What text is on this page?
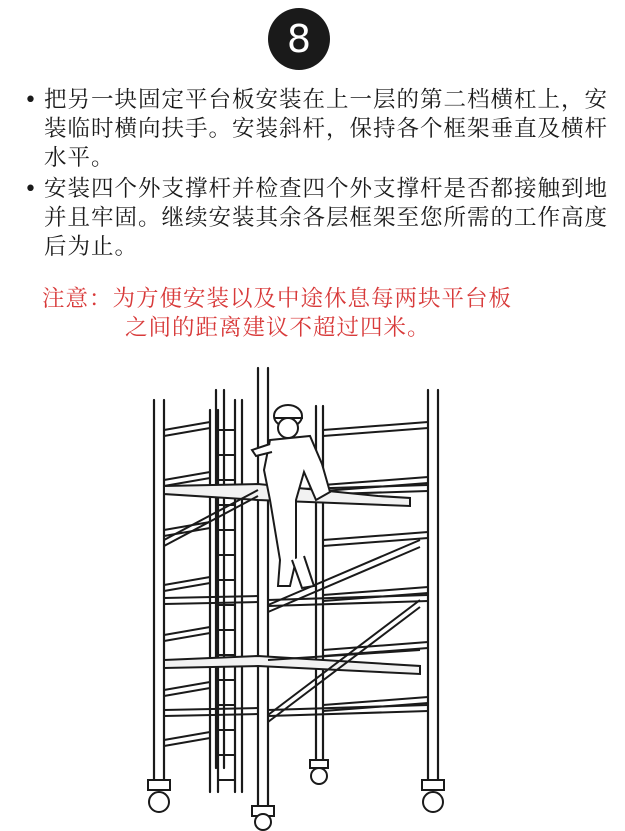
8
• 把另一块固定平台板安装在上一层的第二档横杠上，安装临时横向扶手。安装斜杆，保持各个框架垂直及横杆水平。
• 安装四个外支撑杆并检查四个外支撑杆是否都接触到地并且牢固。继续安装其余各层框架至您所需的工作高度后为止。
注意：为方便安装以及中途休息每两块平台板
之间的距离建议不超过四米。
